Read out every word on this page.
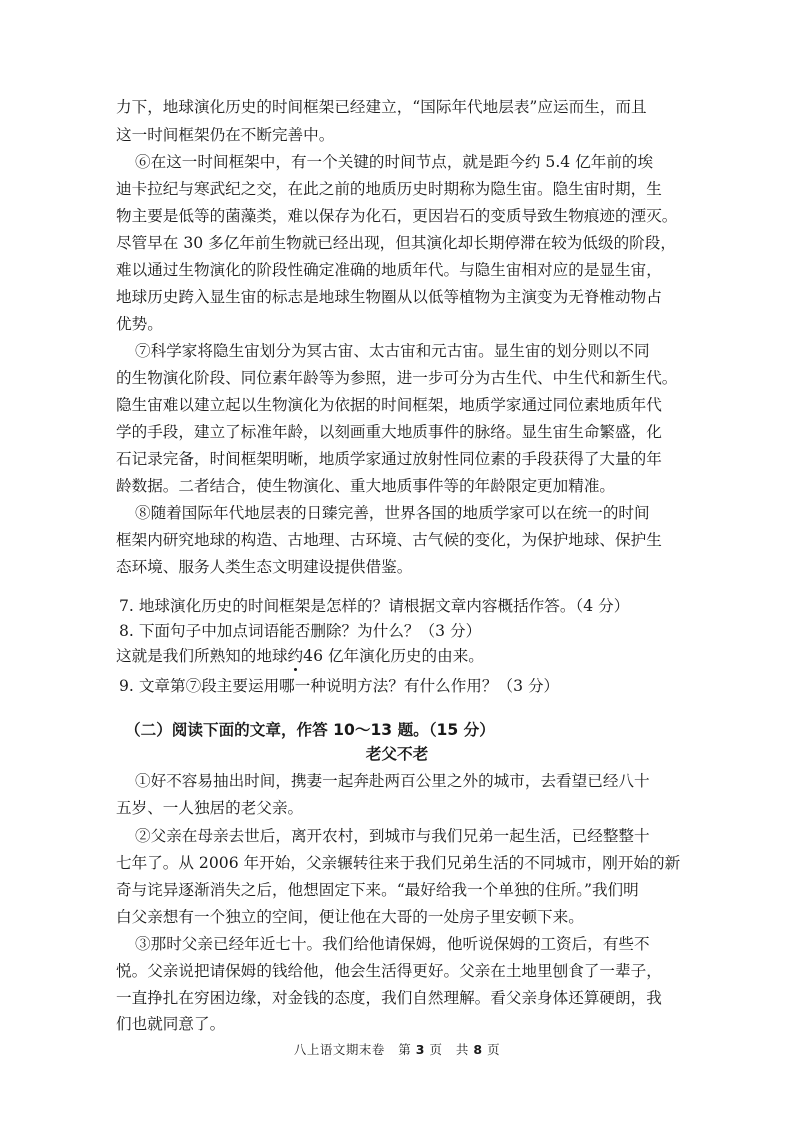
力下，地球演化历史的时间框架已经建立，“国际年代地层表”应运而生，而且
这一时间框架仍在不断完善中。
⑥在这一时间框架中，有一个关键的时间节点，就是距今约 5.4 亿年前的埃
迪卡拉纪与寒武纪之交，在此之前的地质历史时期称为隐生宙。隐生宙时期，生
物主要是低等的菌藻类，难以保存为化石，更因岩石的变质导致生物痕迹的湮灭。
尽管早在 30 多亿年前生物就已经出现，但其演化却长期停滞在较为低级的阶段，
难以通过生物演化的阶段性确定准确的地质年代。与隐生宙相对应的是显生宙，
地球历史跨入显生宙的标志是地球生物圈从以低等植物为主演变为无脊椎动物占
优势。
⑦科学家将隐生宙划分为冥古宙、太古宙和元古宙。显生宙的划分则以不同
的生物演化阶段、同位素年龄等为参照，进一步可分为古生代、中生代和新生代。
隐生宙难以建立起以生物演化为依据的时间框架，地质学家通过同位素地质年代
学的手段，建立了标准年龄，以刻画重大地质事件的脉络。显生宙生命繁盛，化
石记录完备，时间框架明晰，地质学家通过放射性同位素的手段获得了大量的年
龄数据。二者结合，使生物演化、重大地质事件等的年龄限定更加精准。
⑧随着国际年代地层表的日臻完善，世界各国的地质学家可以在统一的时间
框架内研究地球的构造、古地理、古环境、古气候的变化，为保护地球、保护生
态环境、服务人类生态文明建设提供借鉴。
7. 地球演化历史的时间框架是怎样的？请根据文章内容概括作答。（4 分）
8. 下面句子中加点词语能否删除？为什么？（3 分）
这就是我们所熟知的地球约46 亿年演化历史的由来。
9. 文章第⑦段主要运用哪一种说明方法？有什么作用？（3 分）
（二）阅读下面的文章，作答 10～13 题。（15 分）
老父不老
①好不容易抽出时间，携妻一起奔赴两百公里之外的城市，去看望已经八十
五岁、一人独居的老父亲。
②父亲在母亲去世后，离开农村，到城市与我们兄弟一起生活，已经整整十
七年了。从 2006 年开始，父亲辗转往来于我们兄弟生活的不同城市，刚开始的新
奇与诧异逐渐消失之后，他想固定下来。“最好给我一个单独的住所。”我们明
白父亲想有一个独立的空间，便让他在大哥的一处房子里安顿下来。
③那时父亲已经年近七十。我们给他请保姆，他听说保姆的工资后，有些不
悦。父亲说把请保姆的钱给他，他会生活得更好。父亲在土地里刨食了一辈子，
一直挣扎在穷困边缘，对金钱的态度，我们自然理解。看父亲身体还算硬朗，我
们也就同意了。
八上语文期末卷 第 3 页 共 8 页
